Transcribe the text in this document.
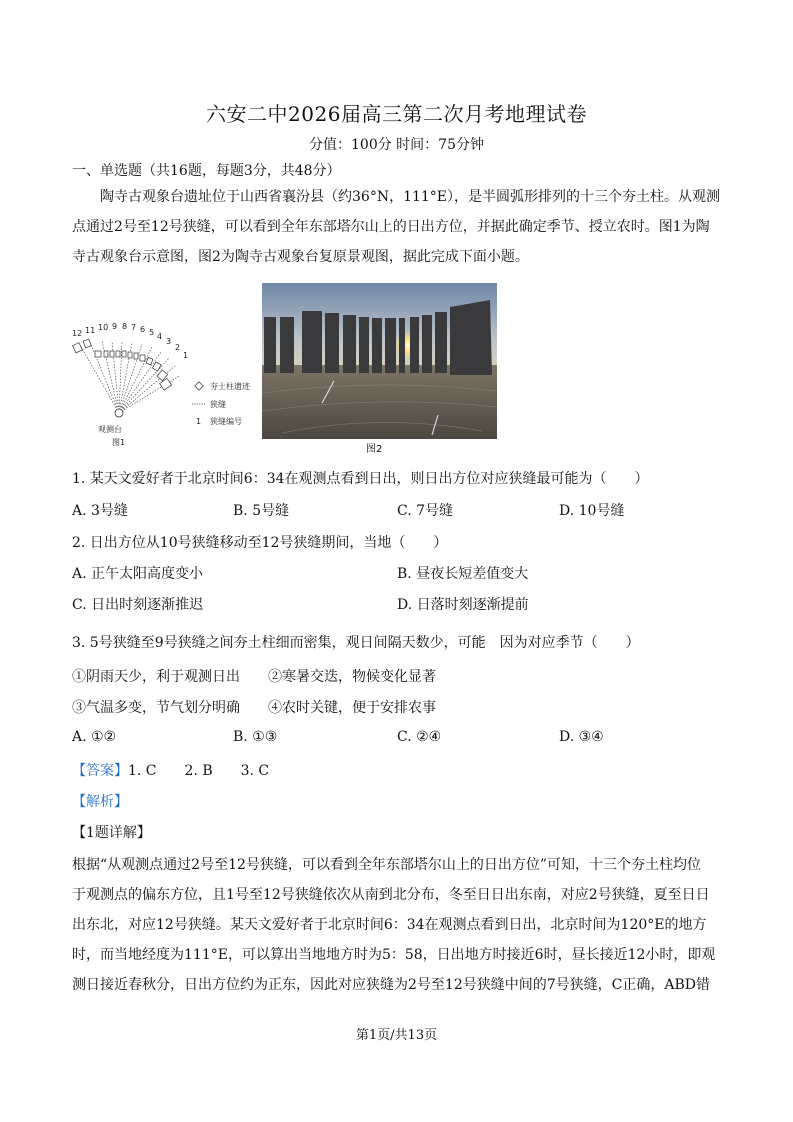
六安二中2026届高三第二次月考地理试卷
分值：100分 时间：75分钟
一、单选题（共16题，每题3分，共48分）
陶寺古观象台遗址位于山西省襄汾县（约36°N，111°E），是半圆弧形排列的十三个夯土柱。从观测
点通过2号至12号狭缝，可以看到全年东部塔尔山上的日出方位，并据此确定季节、授立农时。图1为陶
寺古观象台示意图，图2为陶寺古观象台复原景观图，据此完成下面小题。
12 11 10 9 8 7 6 5 4
3
2
1
观测台
图1
夯土柱遗迹
狭缝
1 狭缝编号
图2
1. 某天文爱好者于北京时间6：34在观测点看到日出，则日出方位对应狭缝最可能为（　　）
A. 3号缝	B. 5号缝	C. 7号缝	D. 10号缝
2. 日出方位从10号狭缝移动至12号狭缝期间，当地（　　）
A. 正午太阳高度变小	B. 昼夜长短差值变大
C. 日出时刻逐渐推迟	D. 日落时刻逐渐提前
3. 5号狭缝至9号狭缝之间夯土柱细而密集，观日间隔天数少，可能　因为对应季节（　　）
①阴雨天少，利于观测日出　　②寒暑交迭，物候变化显著
③气温多变，节气划分明确　　④农时关键，便于安排农事
A. ①②	B. ①③	C. ②④	D. ③④
【答案】1. C　　2. B　　3. C
【解析】
【1题详解】
根据“从观测点通过2号至12号狭缝，可以看到全年东部塔尔山上的日出方位”可知，十三个夯土柱均位
于观测点的偏东方位，且1号至12号狭缝依次从南到北分布，冬至日日出东南，对应2号狭缝，夏至日日
出东北，对应12号狭缝。某天文爱好者于北京时间6：34在观测点看到日出，北京时间为120°E的地方
时，而当地经度为111°E，可以算出当地地方时为5：58，日出地方时接近6时，昼长接近12小时，即观
测日接近春秋分，日出方位约为正东，因此对应狭缝为2号至12号狭缝中间的7号狭缝，C正确，ABD错
第1页/共13页
